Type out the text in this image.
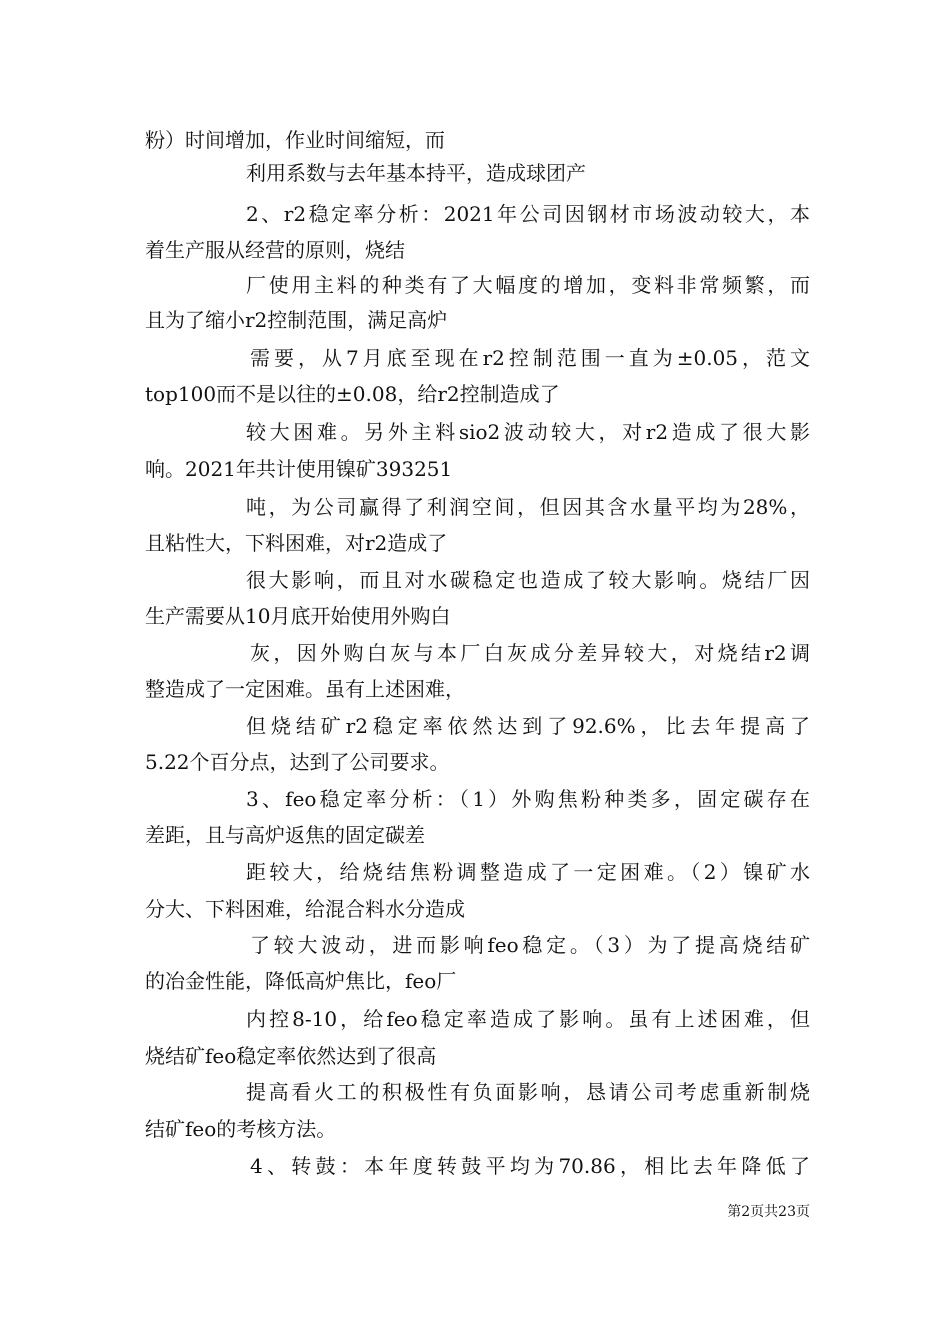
粉）时间增加，作业时间缩短，而
利用系数与去年基本持平，造成球团产
2、r2稳定率分析：2021年公司因钢材市场波动较大，本
着生产服从经营的原则，烧结
厂使用主料的种类有了大幅度的增加，变料非常频繁，而
且为了缩小r2控制范围，满足高炉
需要，从7月底至现在r2控制范围一直为±0.05，范文
top100而不是以往的±0.08，给r2控制造成了
较大困难。另外主料sio2波动较大，对r2造成了很大影
响。2021年共计使用镍矿393251
吨，为公司赢得了利润空间，但因其含水量平均为28%，
且粘性大，下料困难，对r2造成了
很大影响，而且对水碳稳定也造成了较大影响。烧结厂因
生产需要从10月底开始使用外购白
灰，因外购白灰与本厂白灰成分差异较大，对烧结r2调
整造成了一定困难。虽有上述困难，
但烧结矿r2稳定率依然达到了92.6%，比去年提高了
5.22个百分点，达到了公司要求。
3、feo稳定率分析：（1）外购焦粉种类多，固定碳存在
差距，且与高炉返焦的固定碳差
距较大，给烧结焦粉调整造成了一定困难。（2）镍矿水
分大、下料困难，给混合料水分造成
了较大波动，进而影响feo稳定。（3）为了提高烧结矿
的冶金性能，降低高炉焦比，feo厂
内控8-10，给feo稳定率造成了影响。虽有上述困难，但
烧结矿feo稳定率依然达到了很高
提高看火工的积极性有负面影响，恳请公司考虑重新制烧
结矿feo的考核方法。
4、转鼓：本年度转鼓平均为70.86，相比去年降低了
第2页共23页
